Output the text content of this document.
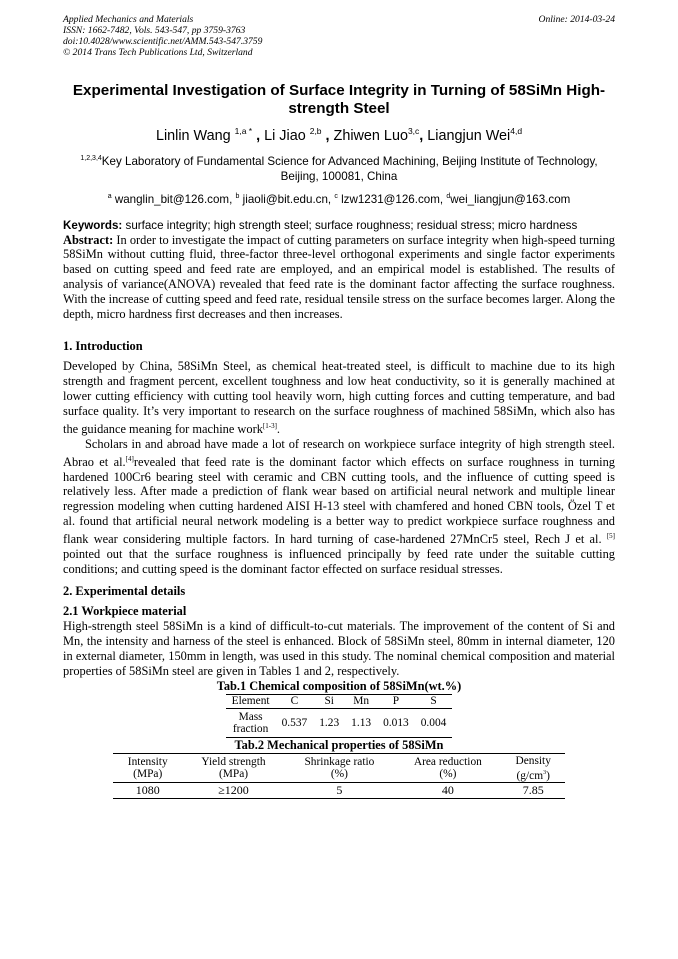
Applied Mechanics and Materials
ISSN: 1662-7482, Vols. 543-547, pp 3759-3763
doi:10.4028/www.scientific.net/AMM.543-547.3759
© 2014 Trans Tech Publications Ltd, Switzerland
Online: 2014-03-24
Experimental Investigation of Surface Integrity in Turning of 58SiMn High-strength Steel
Linlin Wang $^{1,a *}$ , Li Jiao $^{2,b}$ , Zhiwen Luo$^{3,c}$, Liangjun Wei$^{4,d}$
$^{1,2,3,4}$Key Laboratory of Fundamental Science for Advanced Machining, Beijing Institute of Technology, Beijing, 100081, China
$^a$ wanglin_bit@126.com, $^b$ jiaoli@bit.edu.cn, $^c$ lzw1231@126.com, $^d$wei_liangjun@163.com
Keywords: surface integrity; high strength steel; surface roughness; residual stress; micro hardness

Abstract: In order to investigate the impact of cutting parameters on surface integrity when high-speed turning 58SiMn without cutting fluid, three-factor three-level orthogonal experiments and single factor experiments based on cutting speed and feed rate are employed, and an empirical model is established. The results of analysis of variance(ANOVA) revealed that feed rate is the dominant factor affecting the surface roughness. With the increase of cutting speed and feed rate, residual tensile stress on the surface becomes larger. Along the depth, micro hardness first decreases and then increases.

1. Introduction

Developed by China, 58SiMn Steel, as chemical heat-treated steel, is difficult to machine due to its high strength and fragment percent, excellent toughness and low heat conductivity, so it is generally machined at lower cutting efficiency with cutting tool heavily worn, high cutting forces and cutting temperature, and bad surface quality. It’s very important to research on the surface roughness of machined 58SiMn, which also has the guidance meaning for machine work[1-3].

Scholars in and abroad have made a lot of research on workpiece surface integrity of high strength steel. Abrao et al.[4]revealed that feed rate is the dominant factor which effects on surface roughness in turning hardened 100Cr6 bearing steel with ceramic and CBN cutting tools, and the influence of cutting speed is relatively less. After made a prediction of flank wear based on artificial neural network and multiple linear regression modeling when cutting hardened AISI H-13 steel with chamfered and honed CBN tools, Özel T et al. found that artificial neural network modeling is a better way to predict workpiece surface roughness and flank wear considering multiple factors. In hard turning of case-hardened 27MnCr5 steel, Rech J et al. [5] pointed out that the surface roughness is influenced principally by feed rate under the suitable cutting conditions; and cutting speed is the dominant factor effected on surface residual stresses.

2. Experimental details
2.1 Workpiece material

High-strength steel 58SiMn is a kind of difficult-to-cut materials. The improvement of the content of Si and Mn, the intensity and harness of the steel is enhanced. Block of 58SiMn steel, 80mm in internal diameter, 120 in external diameter, 150mm in length, was used in this study. The nominal chemical composition and material properties of 58SiMn steel are given in Tables 1 and 2, respectively.

Tab.1 Chemical composition of 58SiMn(wt.%)
Element	C	Si	Mn	P	S
Mass
fraction	0.537	1.23	1.13	0.013	0.004
Tab.2 Mechanical properties of 58SiMn
Intensity
(MPa)	Yield strength
(MPa)	Shrinkage ratio
(%)	Area reduction
(%)	Density
$(g/cm^3)$
1080	≥1200	5	40	7.85
